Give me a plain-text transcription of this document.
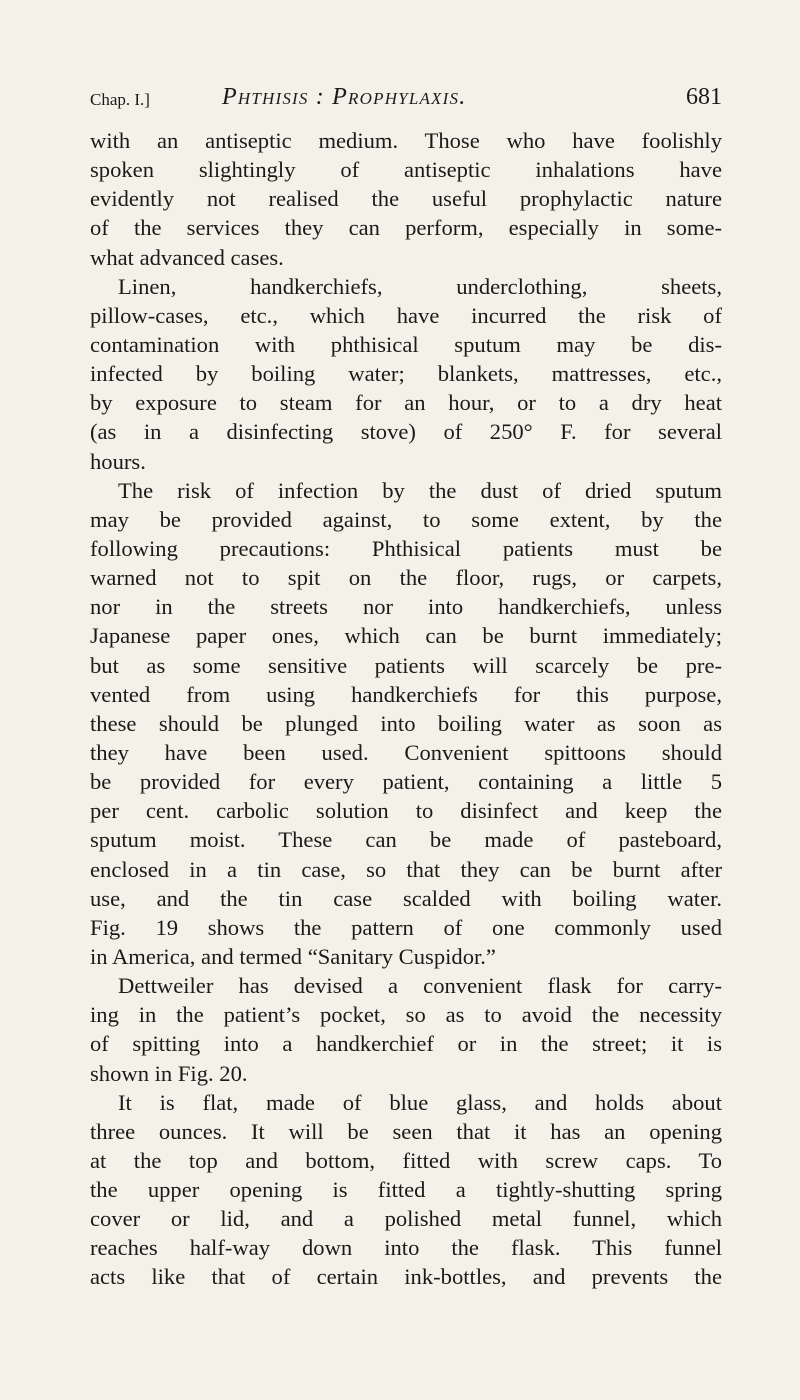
Chap. I.]	Phthisis : Prophylaxis.	681
with an antiseptic medium. Those who have foolishly
spoken slightingly of antiseptic inhalations have
evidently not realised the useful prophylactic nature
of the services they can perform, especially in some-
what advanced cases.
Linen, handkerchiefs, underclothing, sheets,
pillow-cases, etc., which have incurred the risk of
contamination with phthisical sputum may be dis-
infected by boiling water; blankets, mattresses, etc.,
by exposure to steam for an hour, or to a dry heat
(as in a disinfecting stove) of 250° F. for several
hours.
The risk of infection by the dust of dried sputum
may be provided against, to some extent, by the
following precautions: Phthisical patients must be
warned not to spit on the floor, rugs, or carpets,
nor in the streets nor into handkerchiefs, unless
Japanese paper ones, which can be burnt immediately;
but as some sensitive patients will scarcely be pre-
vented from using handkerchiefs for this purpose,
these should be plunged into boiling water as soon as
they have been used. Convenient spittoons should
be provided for every patient, containing a little 5
per cent. carbolic solution to disinfect and keep the
sputum moist. These can be made of pasteboard,
enclosed in a tin case, so that they can be burnt after
use, and the tin case scalded with boiling water.
Fig. 19 shows the pattern of one commonly used
in America, and termed “Sanitary Cuspidor.”
Dettweiler has devised a convenient flask for carry-
ing in the patient’s pocket, so as to avoid the necessity
of spitting into a handkerchief or in the street; it is
shown in Fig. 20.
It is flat, made of blue glass, and holds about
three ounces. It will be seen that it has an opening
at the top and bottom, fitted with screw caps. To
the upper opening is fitted a tightly-shutting spring
cover or lid, and a polished metal funnel, which
reaches half-way down into the flask. This funnel
acts like that of certain ink-bottles, and prevents the
